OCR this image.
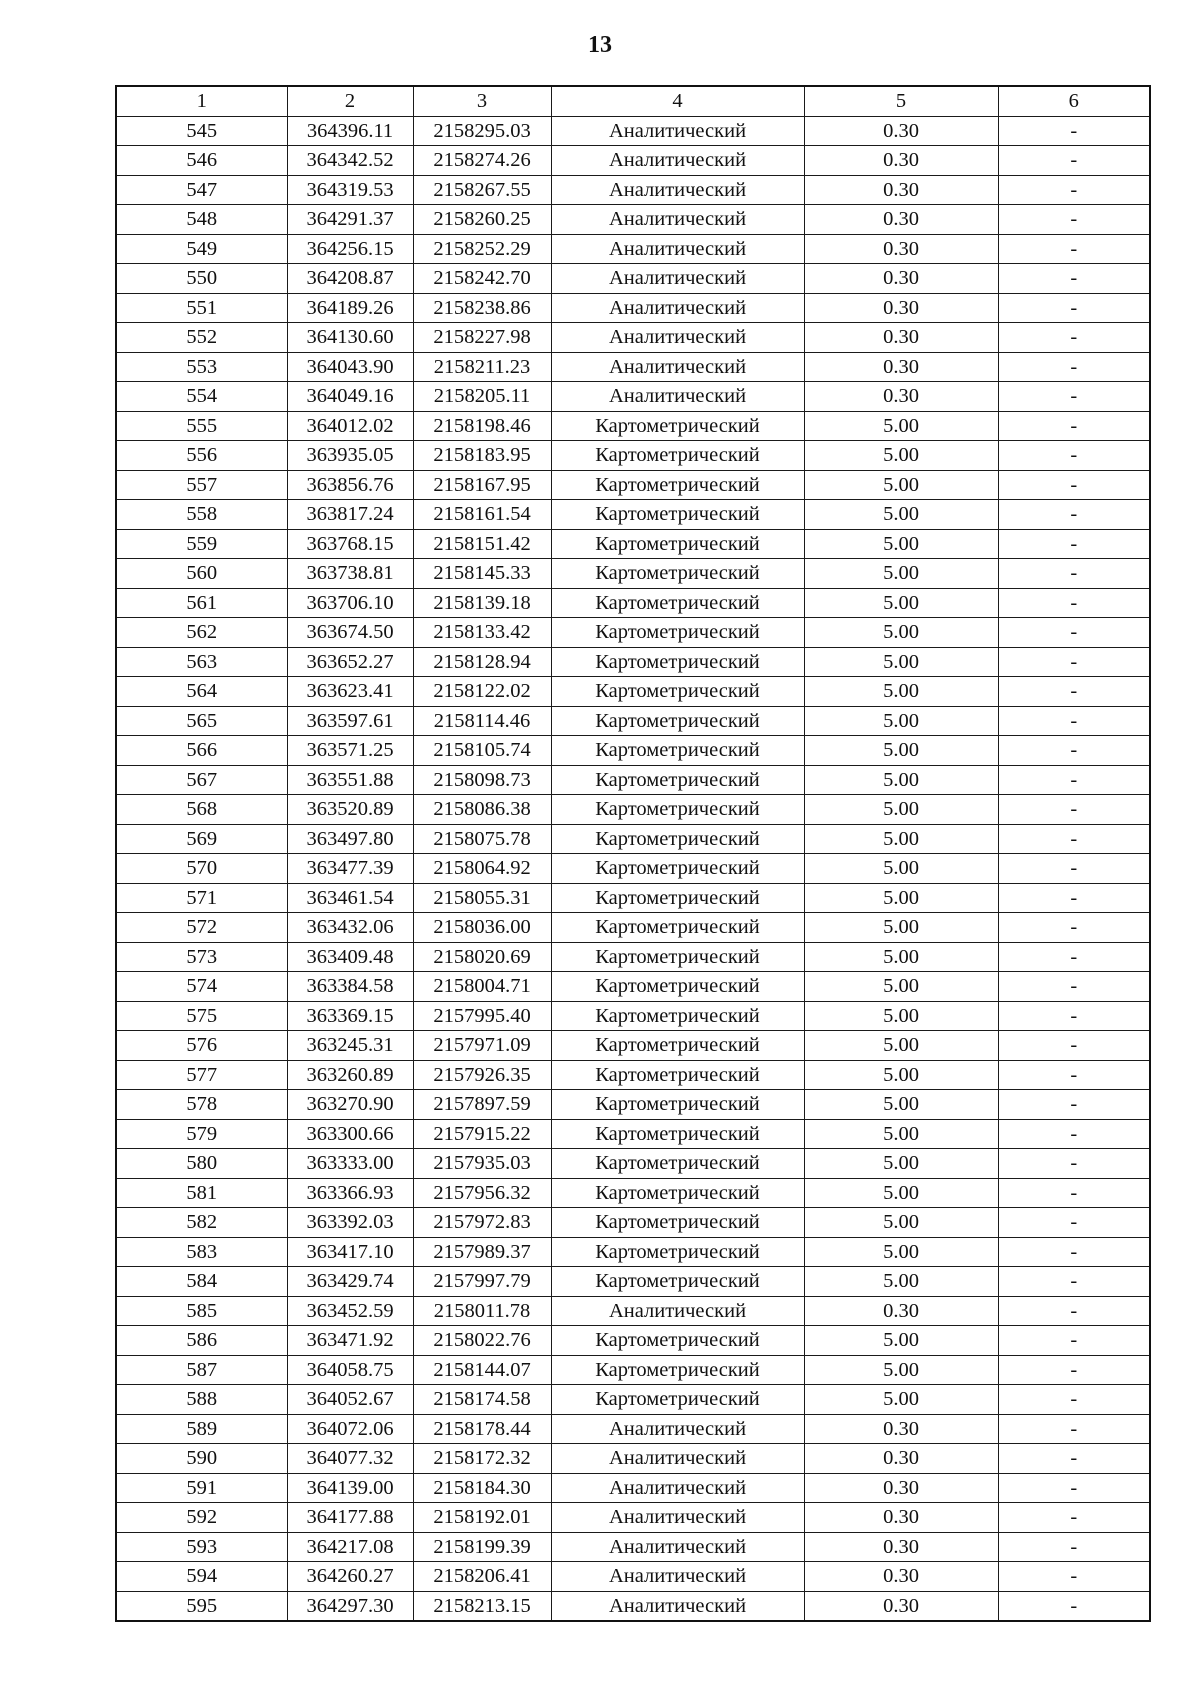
13
1	2	3	4	5	6
545	364396.11	2158295.03	Аналитический	0.30	-
546	364342.52	2158274.26	Аналитический	0.30	-
547	364319.53	2158267.55	Аналитический	0.30	-
548	364291.37	2158260.25	Аналитический	0.30	-
549	364256.15	2158252.29	Аналитический	0.30	-
550	364208.87	2158242.70	Аналитический	0.30	-
551	364189.26	2158238.86	Аналитический	0.30	-
552	364130.60	2158227.98	Аналитический	0.30	-
553	364043.90	2158211.23	Аналитический	0.30	-
554	364049.16	2158205.11	Аналитический	0.30	-
555	364012.02	2158198.46	Картометрический	5.00	-
556	363935.05	2158183.95	Картометрический	5.00	-
557	363856.76	2158167.95	Картометрический	5.00	-
558	363817.24	2158161.54	Картометрический	5.00	-
559	363768.15	2158151.42	Картометрический	5.00	-
560	363738.81	2158145.33	Картометрический	5.00	-
561	363706.10	2158139.18	Картометрический	5.00	-
562	363674.50	2158133.42	Картометрический	5.00	-
563	363652.27	2158128.94	Картометрический	5.00	-
564	363623.41	2158122.02	Картометрический	5.00	-
565	363597.61	2158114.46	Картометрический	5.00	-
566	363571.25	2158105.74	Картометрический	5.00	-
567	363551.88	2158098.73	Картометрический	5.00	-
568	363520.89	2158086.38	Картометрический	5.00	-
569	363497.80	2158075.78	Картометрический	5.00	-
570	363477.39	2158064.92	Картометрический	5.00	-
571	363461.54	2158055.31	Картометрический	5.00	-
572	363432.06	2158036.00	Картометрический	5.00	-
573	363409.48	2158020.69	Картометрический	5.00	-
574	363384.58	2158004.71	Картометрический	5.00	-
575	363369.15	2157995.40	Картометрический	5.00	-
576	363245.31	2157971.09	Картометрический	5.00	-
577	363260.89	2157926.35	Картометрический	5.00	-
578	363270.90	2157897.59	Картометрический	5.00	-
579	363300.66	2157915.22	Картометрический	5.00	-
580	363333.00	2157935.03	Картометрический	5.00	-
581	363366.93	2157956.32	Картометрический	5.00	-
582	363392.03	2157972.83	Картометрический	5.00	-
583	363417.10	2157989.37	Картометрический	5.00	-
584	363429.74	2157997.79	Картометрический	5.00	-
585	363452.59	2158011.78	Аналитический	0.30	-
586	363471.92	2158022.76	Картометрический	5.00	-
587	364058.75	2158144.07	Картометрический	5.00	-
588	364052.67	2158174.58	Картометрический	5.00	-
589	364072.06	2158178.44	Аналитический	0.30	-
590	364077.32	2158172.32	Аналитический	0.30	-
591	364139.00	2158184.30	Аналитический	0.30	-
592	364177.88	2158192.01	Аналитический	0.30	-
593	364217.08	2158199.39	Аналитический	0.30	-
594	364260.27	2158206.41	Аналитический	0.30	-
595	364297.30	2158213.15	Аналитический	0.30	-
